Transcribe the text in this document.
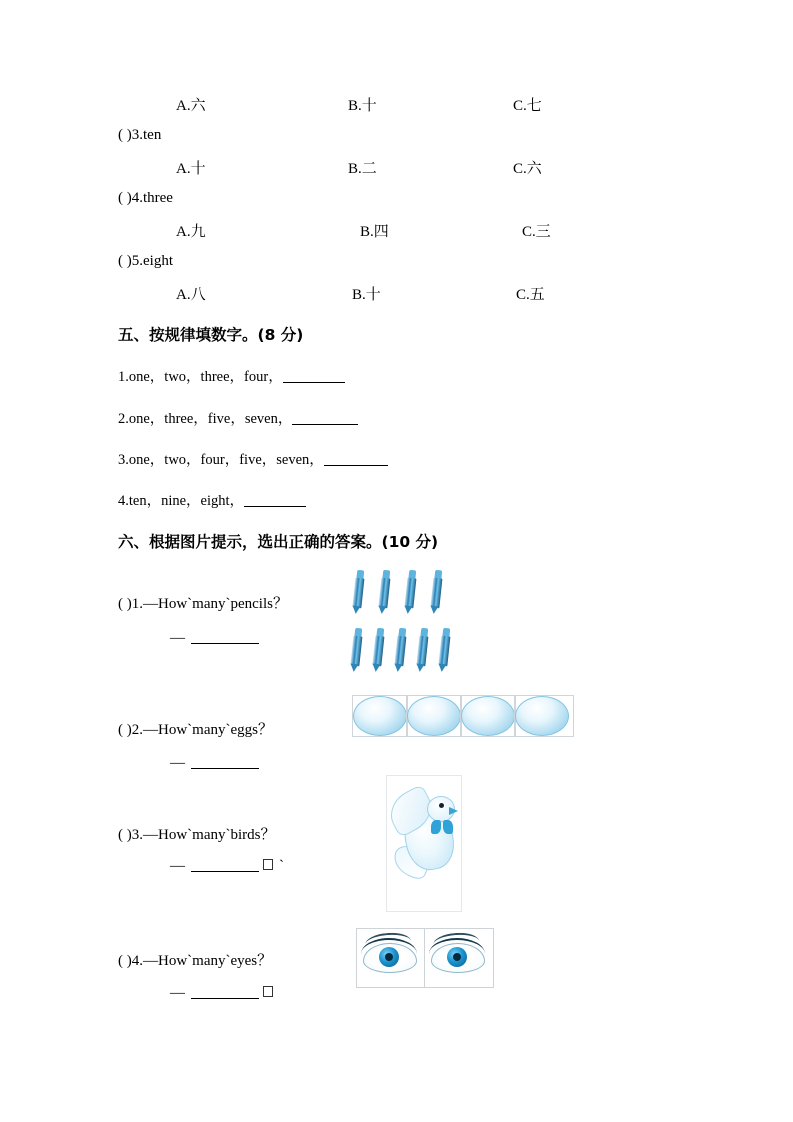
A.六	B.十	C.七
( )3.ten
A.十	B.二	C.六
( )4.three
A.九	B.四	C.三
( )5.eight
A.八	B.十	C.五
五、按规律填数字。(8 分)
1.one，two，three，four，
2.one，three，five，seven，
3.one，two，four，five，seven，
4.ten，nine，eight，
六、根据图片提示，选出正确的答案。(10 分)
( )1.—How`many`pencils？
—
( )2.—How`many`eggs？
—
( )3.—How`many`birds？
—	`
( )4.—How`many`eyes？
—
